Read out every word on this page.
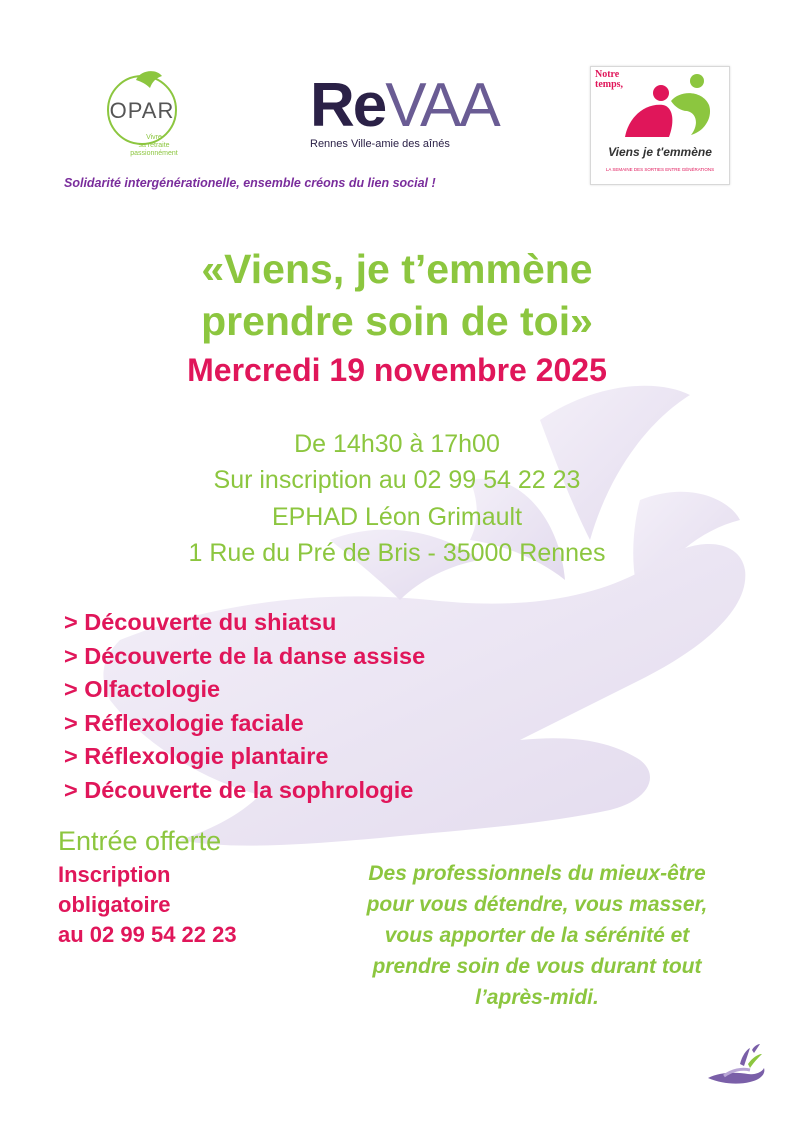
OPAR
Vivre
sa retraite
passionnément
ReVAA
Rennes Ville-amie des aînés
Notre
temps,
Viens je t'emmène
LA SEMAINE DES SORTIES ENTRE GÉNÉRATIONS
Solidarité intergénérationelle, ensemble créons du lien social !
«Viens, je t’emmène
prendre soin de toi»
Mercredi 19 novembre 2025
De 14h30 à 17h00
Sur inscription au 02 99 54 22 23
EPHAD Léon Grimault
1 Rue du Pré de Bris - 35000 Rennes
> Découverte du shiatsu
> Découverte de la danse assise
> Olfactologie
> Réflexologie faciale
> Réflexologie plantaire
> Découverte de la sophrologie
Entrée offerte
Inscription
obligatoire
au 02 99 54 22 23
Des professionnels du mieux-être
pour vous détendre, vous masser,
vous apporter de la sérénité et
prendre soin de vous durant tout
l’après-midi.
